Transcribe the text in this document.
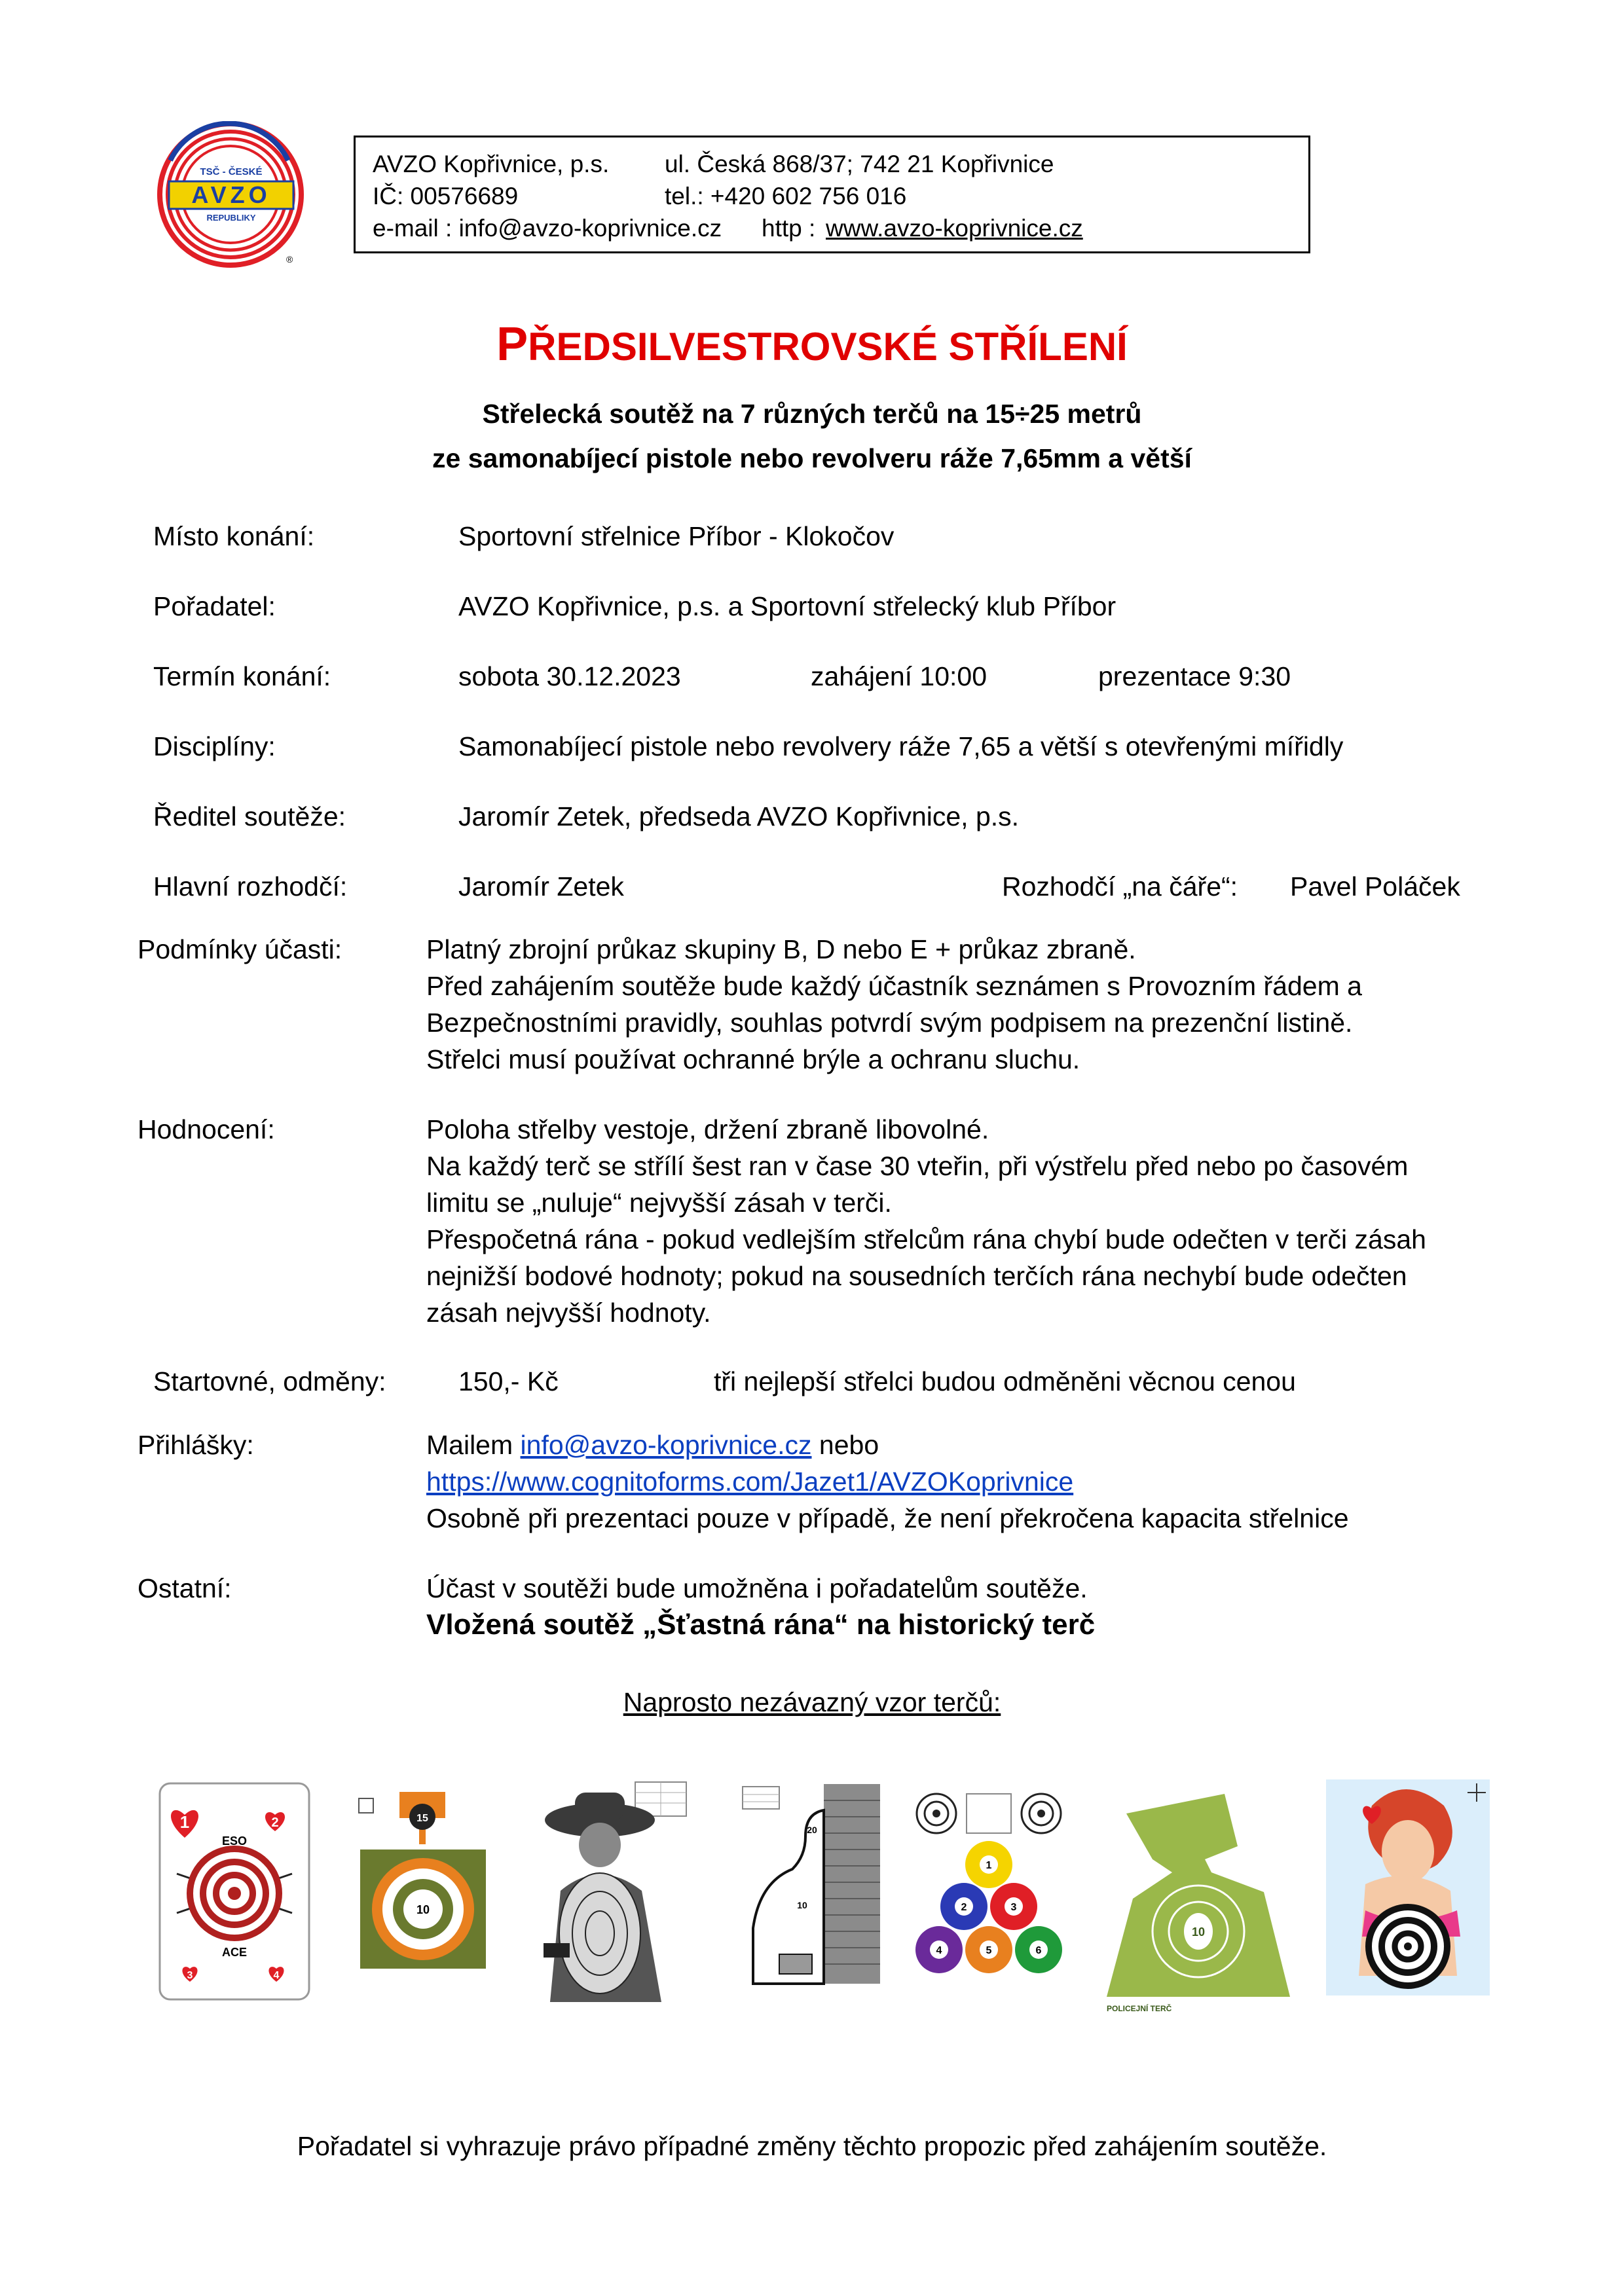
AVZO
TSČ - ČESKÉ
REPUBLIKY
®
AVZO Kopřivnice, p.s. ul. Česká 868/37; 742 21 Kopřivnice
IČ: 00576689	tel.: +420 602 756 016
e-mail : info@avzo-koprivnice.cz http : www.avzo-koprivnice.cz
PŘEDSILVESTROVSKÉ STŘÍLENÍ
Střelecká soutěž na 7 různých terčů na 15÷25 metrů
ze samonabíjecí pistole nebo revolveru ráže 7,65mm a větší
Místo konání:	Sportovní střelnice Příbor - Klokočov
Pořadatel:	AVZO Kopřivnice, p.s. a Sportovní střelecký klub Příbor
Termín konání:	sobota 30.12.2023	zahájení 10:00	prezentace 9:30
Disciplíny:	Samonabíjecí pistole nebo revolvery ráže 7,65 a větší s otevřenými mířidly
Ředitel soutěže:	Jaromír Zetek, předseda AVZO Kopřivnice, p.s.
Hlavní rozhodčí:	Jaromír Zetek	Rozhodčí „na čáře“: Pavel Poláček
Podmínky účasti:	Platný zbrojní průkaz skupiny B, D nebo E + průkaz zbraně.
Před zahájením soutěže bude každý účastník seznámen s Provozním řádem a
Bezpečnostními pravidly, souhlas potvrdí svým podpisem na prezenční listině.
Střelci musí používat ochranné brýle a ochranu sluchu.
Hodnocení:	Poloha střelby vestoje, držení zbraně libovolné.
Na každý terč se střílí šest ran v čase 30 vteřin, při výstřelu před nebo po časovém
limitu se „nuluje“ nejvyšší zásah v terči.
Přespočetná rána - pokud vedlejším střelcům rána chybí bude odečten v terči zásah
nejnižší bodové hodnoty; pokud na sousedních terčích rána nechybí bude odečten
zásah nejvyšší hodnoty.
Startovné, odměny:	150,- Kč	tři nejlepší střelci budou odměněni věcnou cenou
Přihlášky:	Mailem info@avzo-koprivnice.cz nebo
https://www.cognitoforms.com/Jazet1/AVZOKoprivnice
Osobně při prezentaci pouze v případě, že není překročena kapacita střelnice
Ostatní:	Účast v soutěži bude umožněna i pořadatelům soutěže.
Vložená soutěž „Šťastná rána“ na historický terč
Naprosto nezávazný vzor terčů:
1	2
ESO
ACE
3	4
15
10
20
10
1
2	3
4	5	6
10
POLICEJNÍ TERČ
Pořadatel si vyhrazuje právo případné změny těchto propozic před zahájením soutěže.
